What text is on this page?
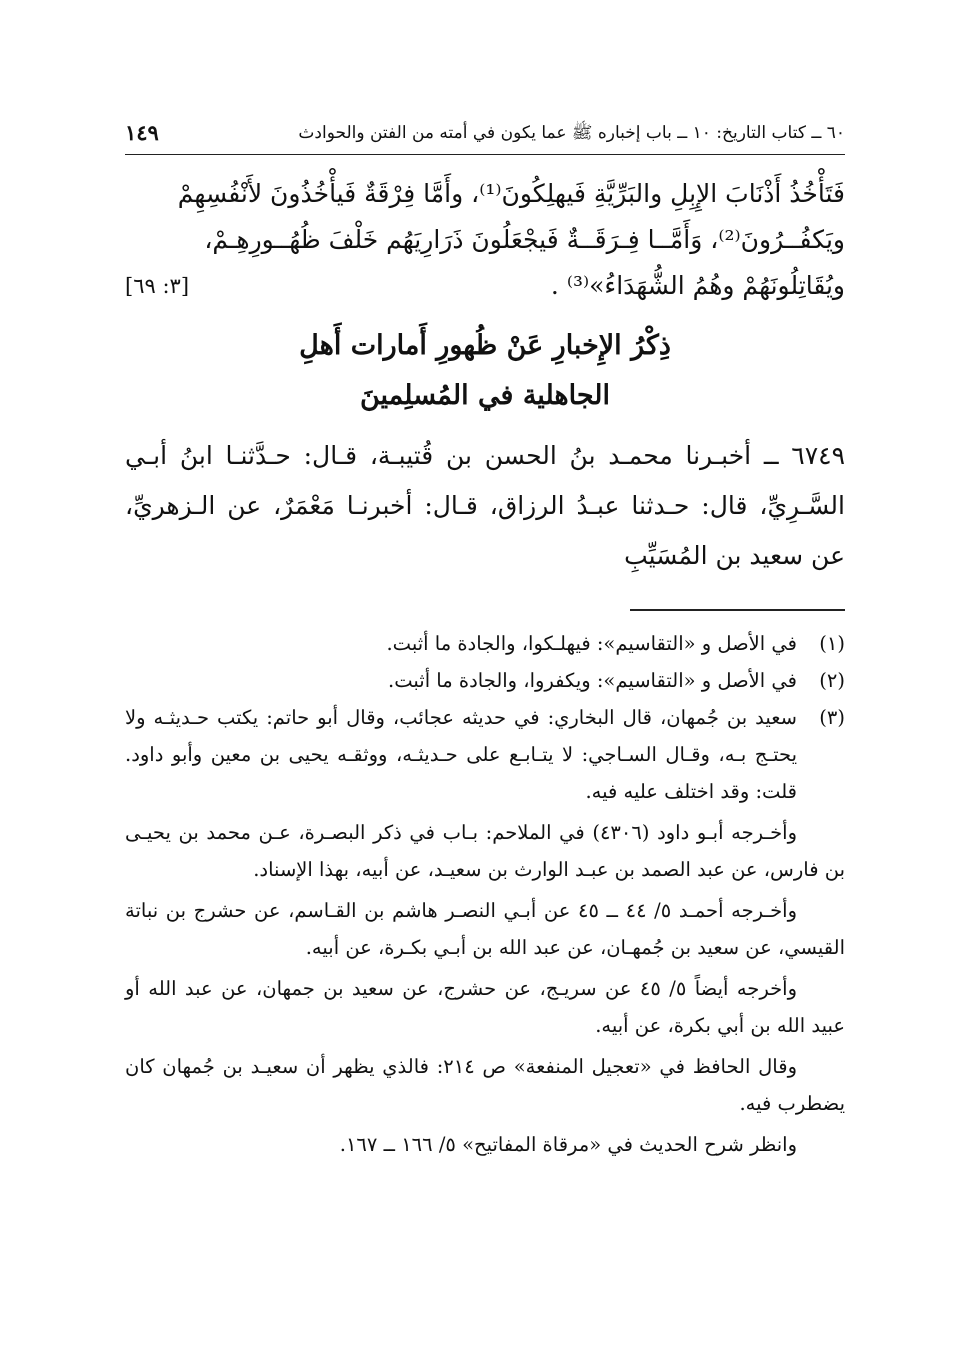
٦٠ ــ كتاب التاريخ: ١٠ ــ باب إخباره ﷺ عما يكون في أمته من الفتن والحوادث
١٤٩
فَتَأْخُذُ أَذْنَابَ الإِبِلِ والبَرِّيَّةِ فَيهلِكُونَ⁽¹⁾، وأَمَّا فِرْقَةٌ فَيأْخُذُونَ لأَنْفُسِهِمْ
ويَكفُــرُونَ⁽²⁾، وَأَمَّــا فِـرَقَــةٌ فَيجْعَلُونَ ذَرَارِيَهُم خَلْفَ ظُهُــورِهِـمْ،
ويُقَاتِلُونَهُمْ وهُمُ الشُّهَدَاءُ»⁽³⁾ .
[٣: ٦٩]
ذِكْرُ الإِخبارِ عَنْ ظُهورِ أَمارات أَهلِ
الجاهلية في المُسلِمينَ
٦٧٤٩ ــ أخبـرنا محمـد بنُ الحسن بن قُتيبـة، قـال: حـدَّثنـا ابنُ أبـي السَّـرِيِّ، قال: حـدثنا عبـدُ الرزاق، قـال: أخبرنـا مَعْمَرٌ، عن الـزهريِّ، عن سعيد بن المُسَيِّبِ
(١)
في الأصل و «التقاسيم»: فيهلـكوا، والجادة ما أثبت.
(٢)
في الأصل و «التقاسيم»: ويكفروا، والجادة ما أثبت.
(٣)
سعيد بن جُمهان، قال البخاري: في حديثه عجائب، وقال أبو حاتم: يكتب حـديثـه ولا يحتـج بـه، وقـال السـاجي: لا يتـابـع على حـديثـه، ووثقـه يحيى بن معين وأبو داود. قلت: وقد اختلف عليه فيه.
وأخـرجه أبـو داود (٤٣٠٦) في الملاحم: بـاب في ذكر البصـرة، عـن محمد بن يحيـى بن فارس، عن عبد الصمد بن عبـد الوارث بن سعيـد، عن أبيه، بهذا الإسناد.
وأخـرجه أحمـد ٥/ ٤٤ ــ ٤٥ عن أبـي النصـر هاشم بن القـاسم، عن حشرج بن نباتة القيسي، عن سعيد بن جُمهـان، عن عبد الله بن أبـي بكـرة، عن أبيه.
وأخرجه أيضاً ٥/ ٤٥ عن سريـج، عن حشرج، عن سعيد بن جمهان، عن عبد الله أو عبيد الله بن أبي بكرة، عن أبيه.
وقال الحافظ في «تعجيل المنفعة» ص ٢١٤: فالذي يظهر أن سعيـد بن جُمهان كان يضطرب فيه.
وانظر شرح الحديث في «مرقاة المفاتيح» ٥/ ١٦٦ ــ ١٦٧.
